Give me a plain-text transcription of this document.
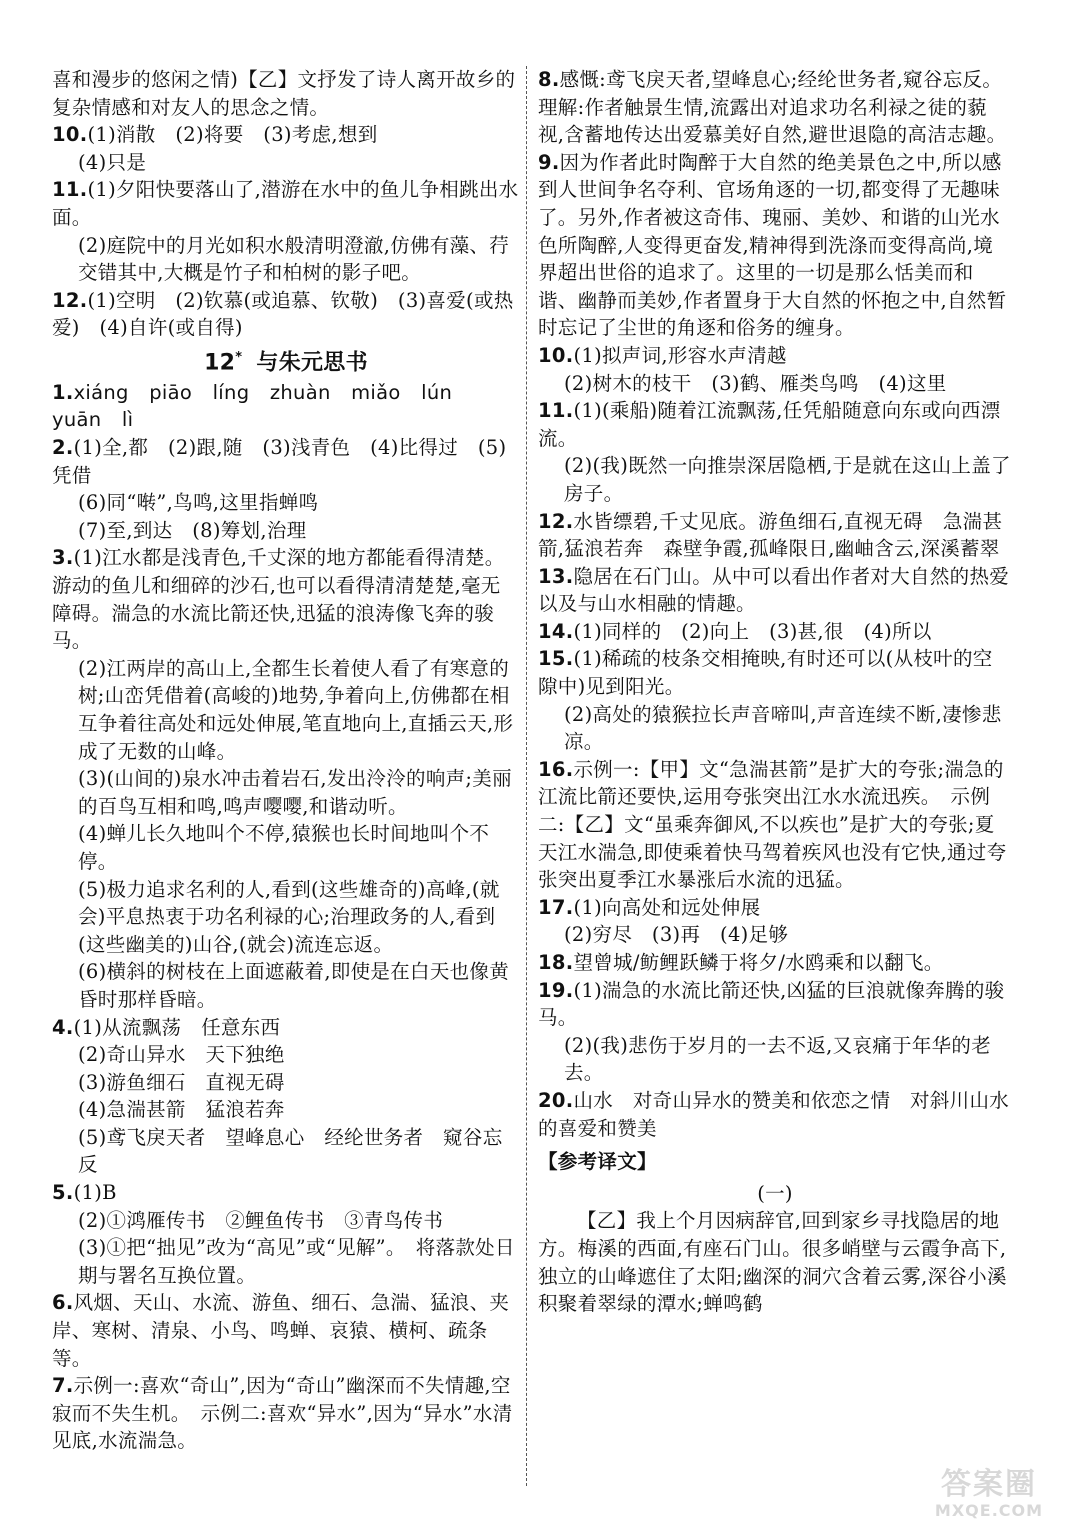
喜和漫步的悠闲之情)【乙】文抒发了诗人离开故乡的复杂情感和对友人的思念之情。

10.(1)消散　(2)将要　(3)考虑,想到

(4)只是

11.(1)夕阳快要落山了,潜游在水中的鱼儿争相跳出水面。

(2)庭院中的月光如积水般清明澄澈,仿佛有藻、荇交错其中,大概是竹子和柏树的影子吧。

12.(1)空明　(2)钦慕(或追慕、钦敬)　(3)喜爱(或热爱)　(4)自许(或自得)

12* 与朱元思书

1.xiáng piāo líng zhuàn miǎo lún yuān lì

2.(1)全,都　(2)跟,随　(3)浅青色　(4)比得过　(5)凭借

(6)同“啭”,鸟鸣,这里指蝉鸣

(7)至,到达　(8)筹划,治理

3.(1)江水都是浅青色,千丈深的地方都能看得清楚。游动的鱼儿和细碎的沙石,也可以看得清清楚楚,毫无障碍。湍急的水流比箭还快,迅猛的浪涛像飞奔的骏马。

(2)江两岸的高山上,全都生长着使人看了有寒意的树;山峦凭借着(高峻的)地势,争着向上,仿佛都在相互争着往高处和远处伸展,笔直地向上,直插云天,形成了无数的山峰。

(3)(山间的)泉水冲击着岩石,发出泠泠的响声;美丽的百鸟互相和鸣,鸣声嘤嘤,和谐动听。

(4)蝉儿长久地叫个不停,猿猴也长时间地叫个不停。

(5)极力追求名利的人,看到(这些雄奇的)高峰,(就会)平息热衷于功名利禄的心;治理政务的人,看到(这些幽美的)山谷,(就会)流连忘返。

(6)横斜的树枝在上面遮蔽着,即使是在白天也像黄昏时那样昏暗。

4.(1)从流飘荡　任意东西

(2)奇山异水　天下独绝

(3)游鱼细石　直视无碍

(4)急湍甚箭　猛浪若奔

(5)鸢飞戾天者　望峰息心　经纶世务者　窥谷忘反

5.(1)B

(2)①鸿雁传书　②鲤鱼传书　③青鸟传书

(3)①把“拙见”改为“高见”或“见解”。　将落款处日期与署名互换位置。

6.风烟、天山、水流、游鱼、细石、急湍、猛浪、夹岸、寒树、清泉、小鸟、鸣蝉、哀猿、横柯、疏条等。

7.示例一:喜欢“奇山”,因为“奇山”幽深而不失情趣,空寂而不失生机。　示例二:喜欢“异水”,因为“异水”水清见底,水流湍急。

8.感慨:鸢飞戾天者,望峰息心;经纶世务者,窥谷忘反。理解:作者触景生情,流露出对追求功名利禄之徒的藐视,含蓄地传达出爱慕美好自然,避世退隐的高洁志趣。

9.因为作者此时陶醉于大自然的绝美景色之中,所以感到人世间争名夺利、官场角逐的一切,都变得了无趣味了。另外,作者被这奇伟、瑰丽、美妙、和谐的山光水色所陶醉,人变得更奋发,精神得到洗涤而变得高尚,境界超出世俗的追求了。这里的一切是那么恬美而和谐、幽静而美妙,作者置身于大自然的怀抱之中,自然暂时忘记了尘世的角逐和俗务的缠身。

10.(1)拟声词,形容水声清越

(2)树木的枝干　(3)鹤、雁类鸟鸣　(4)这里

11.(1)(乘船)随着江流飘荡,任凭船随意向东或向西漂流。

(2)(我)既然一向推崇深居隐栖,于是就在这山上盖了房子。

12.水皆缥碧,千丈见底。游鱼细石,直视无碍　急湍甚箭,猛浪若奔　森壁争霞,孤峰限日,幽岫含云,深溪蓄翠

13.隐居在石门山。从中可以看出作者对大自然的热爱以及与山水相融的情趣。

14.(1)同样的　(2)向上　(3)甚,很　(4)所以

15.(1)稀疏的枝条交相掩映,有时还可以(从枝叶的空隙中)见到阳光。

(2)高处的猿猴拉长声音啼叫,声音连续不断,凄惨悲凉。

16.示例一:【甲】文“急湍甚箭”是扩大的夸张;湍急的江流比箭还要快,运用夸张突出江水水流迅疾。　示例二:【乙】文“虽乘奔御风,不以疾也”是扩大的夸张;夏天江水湍急,即使乘着快马驾着疾风也没有它快,通过夸张突出夏季江水暴涨后水流的迅猛。

17.(1)向高处和远处伸展

(2)穷尽　(3)再　(4)足够

18.望曾城/鲂鲤跃鳞于将夕/水鸥乘和以翻飞。

19.(1)湍急的水流比箭还快,凶猛的巨浪就像奔腾的骏马。

(2)(我)悲伤于岁月的一去不返,又哀痛于年华的老去。

20.山水　对奇山异水的赞美和依恋之情　对斜川山水的喜爱和赞美

【参考译文】

(一)

【乙】我上个月因病辞官,回到家乡寻找隐居的地方。梅溪的西面,有座石门山。很多峭壁与云霞争高下,独立的山峰遮住了太阳;幽深的洞穴含着云雾,深谷小溪积聚着翠绿的潭水;蝉鸣鹤

答案圈
MXQE.COM
